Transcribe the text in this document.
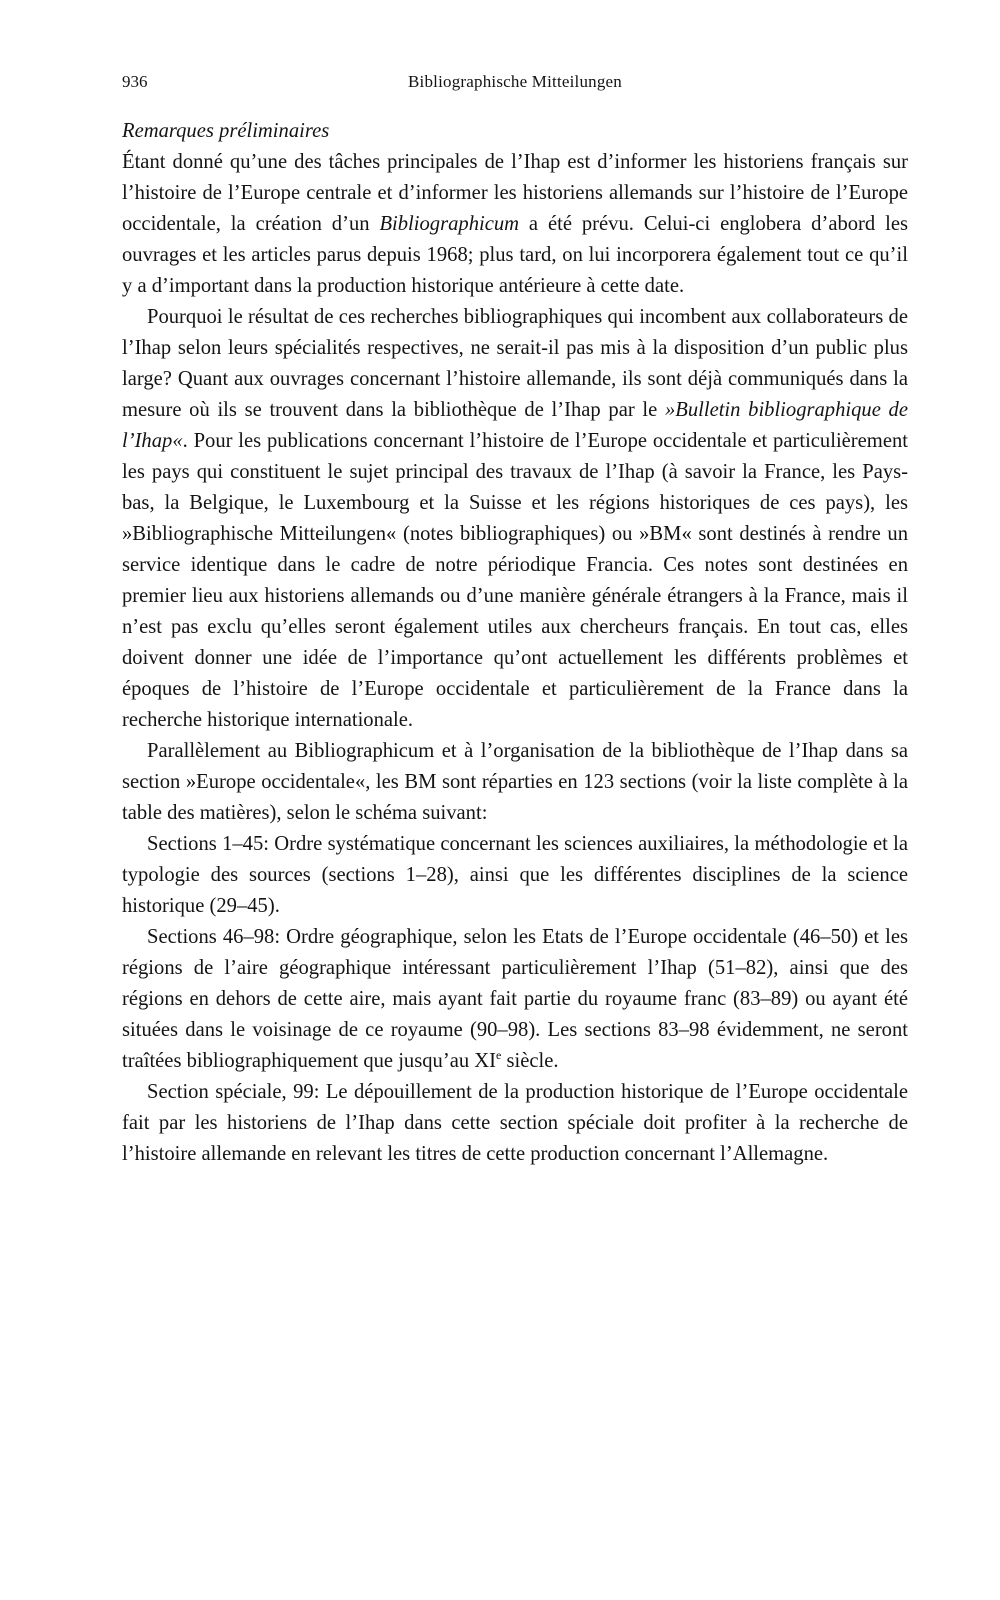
936	Bibliographische Mitteilungen

Remarques préliminaires

Étant donné qu’une des tâches principales de l’Ihap est d’informer les historiens français sur l’histoire de l’Europe centrale et d’informer les historiens allemands sur l’histoire de l’Europe occidentale, la création d’un Bibliographicum a été prévu. Celui-ci englobera d’abord les ouvrages et les articles parus depuis 1968; plus tard, on lui incorporera également tout ce qu’il y a d’important dans la production historique antérieure à cette date.

Pourquoi le résultat de ces recherches bibliographiques qui incombent aux collaborateurs de l’Ihap selon leurs spécialités respectives, ne serait-il pas mis à la disposition d’un public plus large? Quant aux ouvrages concernant l’histoire allemande, ils sont déjà communiqués dans la mesure où ils se trouvent dans la bibliothèque de l’Ihap par le »Bulletin bibliographique de l’Ihap«. Pour les publications concernant l’histoire de l’Europe occidentale et particulièrement les pays qui constituent le sujet principal des travaux de l’Ihap (à savoir la France, les Pays-bas, la Belgique, le Luxembourg et la Suisse et les régions historiques de ces pays), les »Bibliographische Mitteilungen« (notes bibliographiques) ou »BM« sont destinés à rendre un service identique dans le cadre de notre périodique Francia. Ces notes sont destinées en premier lieu aux historiens allemands ou d’une manière générale étrangers à la France, mais il n’est pas exclu qu’elles seront également utiles aux chercheurs français. En tout cas, elles doivent donner une idée de l’importance qu’ont actuellement les différents problèmes et époques de l’histoire de l’Europe occidentale et particulièrement de la France dans la recherche historique internationale.

Parallèlement au Bibliographicum et à l’organisation de la bibliothèque de l’Ihap dans sa section »Europe occidentale«, les BM sont réparties en 123 sections (voir la liste complète à la table des matières), selon le schéma suivant:

Sections 1–45: Ordre systématique concernant les sciences auxiliaires, la méthodologie et la typologie des sources (sections 1–28), ainsi que les différentes disciplines de la science historique (29–45).

Sections 46–98: Ordre géographique, selon les Etats de l’Europe occidentale (46–50) et les régions de l’aire géographique intéressant particulièrement l’Ihap (51–82), ainsi que des régions en dehors de cette aire, mais ayant fait partie du royaume franc (83–89) ou ayant été situées dans le voisinage de ce royaume (90–98). Les sections 83–98 évidemment, ne seront traîtées bibliographiquement que jusqu’au XIe siècle.

Section spéciale, 99: Le dépouillement de la production historique de l’Europe occidentale fait par les historiens de l’Ihap dans cette section spéciale doit profiter à la recherche de l’histoire allemande en relevant les titres de cette production concernant l’Allemagne.
